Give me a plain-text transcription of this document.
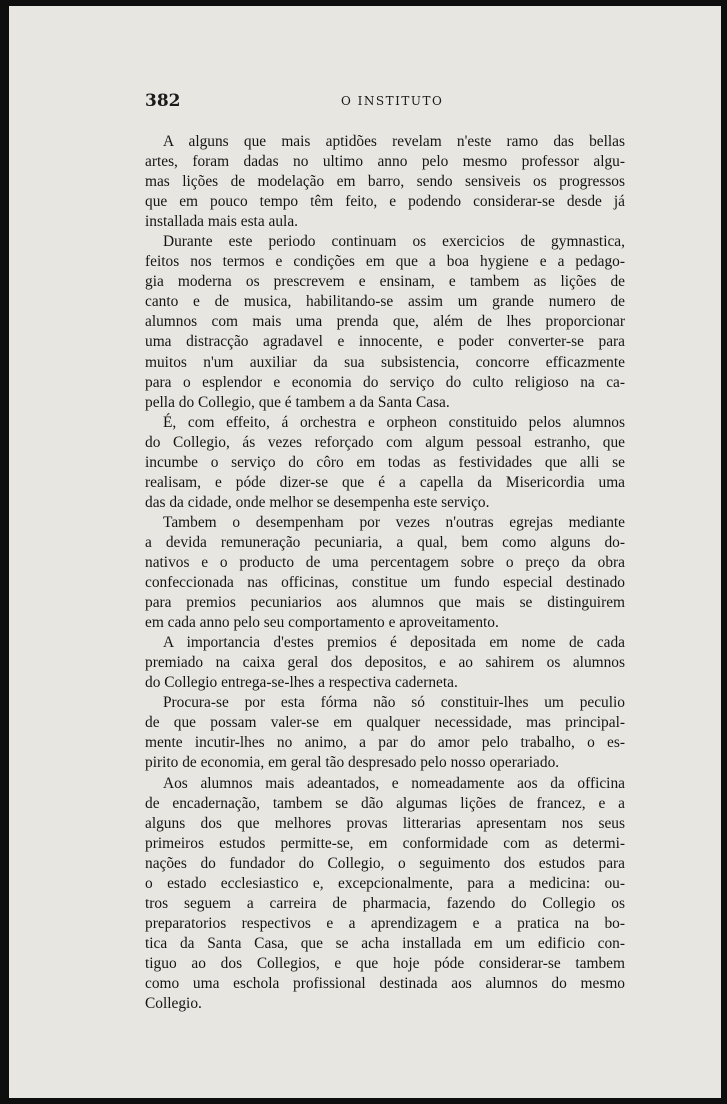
382	O INSTITUTO

A alguns que mais aptidões revelam n'este ramo das bellas
artes, foram dadas no ultimo anno pelo mesmo professor algu-
mas lições de modelação em barro, sendo sensiveis os progressos
que em pouco tempo têm feito, e podendo considerar-se desde já
installada mais esta aula.

Durante este periodo continuam os exercicios de gymnastica,
feitos nos termos e condições em que a boa hygiene e a pedago-
gia moderna os prescrevem e ensinam, e tambem as lições de
canto e de musica, habilitando-se assim um grande numero de
alumnos com mais uma prenda que, além de lhes proporcionar
uma distracção agradavel e innocente, e poder converter-se para
muitos n'um auxiliar da sua subsistencia, concorre efficazmente
para o esplendor e economia do serviço do culto religioso na ca-
pella do Collegio, que é tambem a da Santa Casa.

É, com effeito, á orchestra e orpheon constituido pelos alumnos
do Collegio, ás vezes reforçado com algum pessoal estranho, que
incumbe o serviço do côro em todas as festividades que alli se
realisam, e póde dizer-se que é a capella da Misericordia uma
das da cidade, onde melhor se desempenha este serviço.

Tambem o desempenham por vezes n'outras egrejas mediante
a devida remuneração pecuniaria, a qual, bem como alguns do-
nativos e o producto de uma percentagem sobre o preço da obra
confeccionada nas officinas, constitue um fundo especial destinado
para premios pecuniarios aos alumnos que mais se distinguirem
em cada anno pelo seu comportamento e aproveitamento.

A importancia d'estes premios é depositada em nome de cada
premiado na caixa geral dos depositos, e ao sahirem os alumnos
do Collegio entrega-se-lhes a respectiva caderneta.

Procura-se por esta fórma não só constituir-lhes um peculio
de que possam valer-se em qualquer necessidade, mas principal-
mente incutir-lhes no animo, a par do amor pelo trabalho, o es-
pirito de economia, em geral tão despresado pelo nosso operariado.

Aos alumnos mais adeantados, e nomeadamente aos da officina
de encadernação, tambem se dão algumas lições de francez, e a
alguns dos que melhores provas litterarias apresentam nos seus
primeiros estudos permitte-se, em conformidade com as determi-
nações do fundador do Collegio, o seguimento dos estudos para
o estado ecclesiastico e, excepcionalmente, para a medicina: ou-
tros seguem a carreira de pharmacia, fazendo do Collegio os
preparatorios respectivos e a aprendizagem e a pratica na bo-
tica da Santa Casa, que se acha installada em um edificio con-
tiguo ao dos Collegios, e que hoje póde considerar-se tambem
como uma eschola profissional destinada aos alumnos do mesmo
Collegio.
